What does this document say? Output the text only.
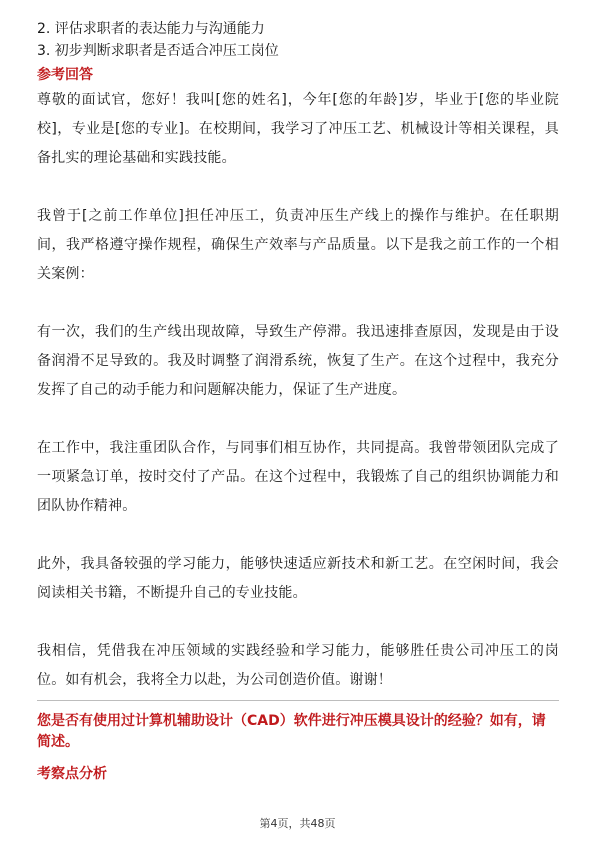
2. 评估求职者的表达能力与沟通能力
3. 初步判断求职者是否适合冲压工岗位
参考回答

尊敬的面试官，您好！我叫[您的姓名]，今年[您的年龄]岁，毕业于[您的毕业院校]，专业是[您的专业]。在校期间，我学习了冲压工艺、机械设计等相关课程，具备扎实的理论基础和实践技能。

我曾于[之前工作单位]担任冲压工，负责冲压生产线上的操作与维护。在任职期间，我严格遵守操作规程，确保生产效率与产品质量。以下是我之前工作的一个相关案例：

有一次，我们的生产线出现故障，导致生产停滞。我迅速排查原因，发现是由于设备润滑不足导致的。我及时调整了润滑系统，恢复了生产。在这个过程中，我充分发挥了自己的动手能力和问题解决能力，保证了生产进度。

在工作中，我注重团队合作，与同事们相互协作，共同提高。我曾带领团队完成了一项紧急订单，按时交付了产品。在这个过程中，我锻炼了自己的组织协调能力和团队协作精神。

此外，我具备较强的学习能力，能够快速适应新技术和新工艺。在空闲时间，我会阅读相关书籍，不断提升自己的专业技能。

我相信，凭借我在冲压领域的实践经验和学习能力，能够胜任贵公司冲压工的岗位。如有机会，我将全力以赴，为公司创造价值。谢谢！

您是否有使用过计算机辅助设计（CAD）软件进行冲压模具设计的经验？如有，请简述。
考察点分析
第4页，共48页
